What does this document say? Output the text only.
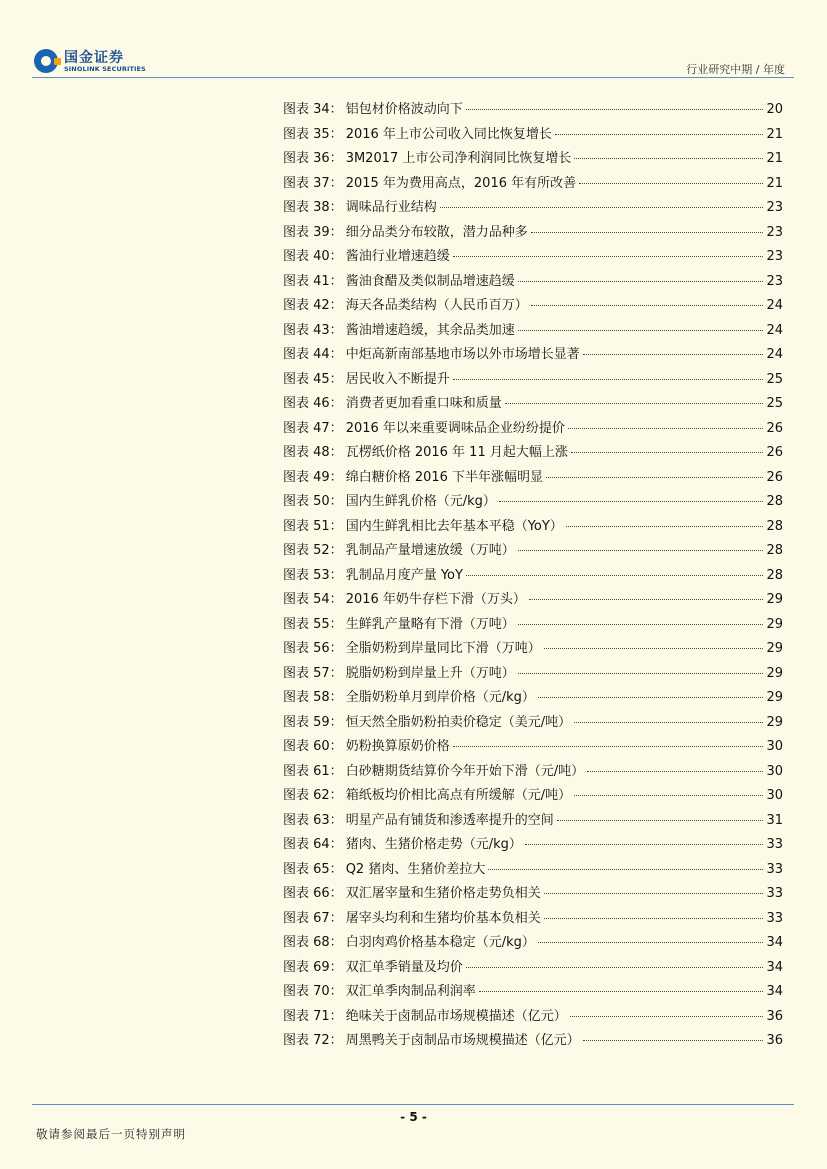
国金证券
SINOLINK SECURITIES	行业研究中期 / 年度
图表 34： 铝包材价格波动向下	20
图表 35： 2016 年上市公司收入同比恢复增长	21
图表 36： 3M2017 上市公司净利润同比恢复增长	21
图表 37： 2015 年为费用高点，2016 年有所改善	21
图表 38： 调味品行业结构	23
图表 39： 细分品类分布较散，潜力品种多	23
图表 40： 酱油行业增速趋缓	23
图表 41： 酱油食醋及类似制品增速趋缓	23
图表 42： 海天各品类结构（人民币百万）	24
图表 43： 酱油增速趋缓，其余品类加速	24
图表 44： 中炬高新南部基地市场以外市场增长显著	24
图表 45： 居民收入不断提升	25
图表 46： 消费者更加看重口味和质量	25
图表 47： 2016 年以来重要调味品企业纷纷提价	26
图表 48： 瓦楞纸价格 2016 年 11 月起大幅上涨	26
图表 49： 绵白糖价格 2016 下半年涨幅明显	26
图表 50： 国内生鲜乳价格（元/kg）	28
图表 51： 国内生鲜乳相比去年基本平稳（YoY）	28
图表 52： 乳制品产量增速放缓（万吨）	28
图表 53： 乳制品月度产量 YoY	28
图表 54： 2016 年奶牛存栏下滑（万头）	29
图表 55： 生鲜乳产量略有下滑（万吨）	29
图表 56： 全脂奶粉到岸量同比下滑（万吨）	29
图表 57： 脱脂奶粉到岸量上升（万吨）	29
图表 58： 全脂奶粉单月到岸价格（元/kg）	29
图表 59： 恒天然全脂奶粉拍卖价稳定（美元/吨）	29
图表 60： 奶粉换算原奶价格	30
图表 61： 白砂糖期货结算价今年开始下滑（元/吨）	30
图表 62： 箱纸板均价相比高点有所缓解（元/吨）	30
图表 63： 明星产品有铺货和渗透率提升的空间	31
图表 64： 猪肉、生猪价格走势（元/kg）	33
图表 65： Q2 猪肉、生猪价差拉大	33
图表 66： 双汇屠宰量和生猪价格走势负相关	33
图表 67： 屠宰头均利和生猪均价基本负相关	33
图表 68： 白羽肉鸡价格基本稳定（元/kg）	34
图表 69： 双汇单季销量及均价	34
图表 70： 双汇单季肉制品利润率	34
图表 71： 绝味关于卤制品市场规模描述（亿元）	36
图表 72： 周黑鸭关于卤制品市场规模描述（亿元）	36
- 5 -
敬请参阅最后一页特别声明
